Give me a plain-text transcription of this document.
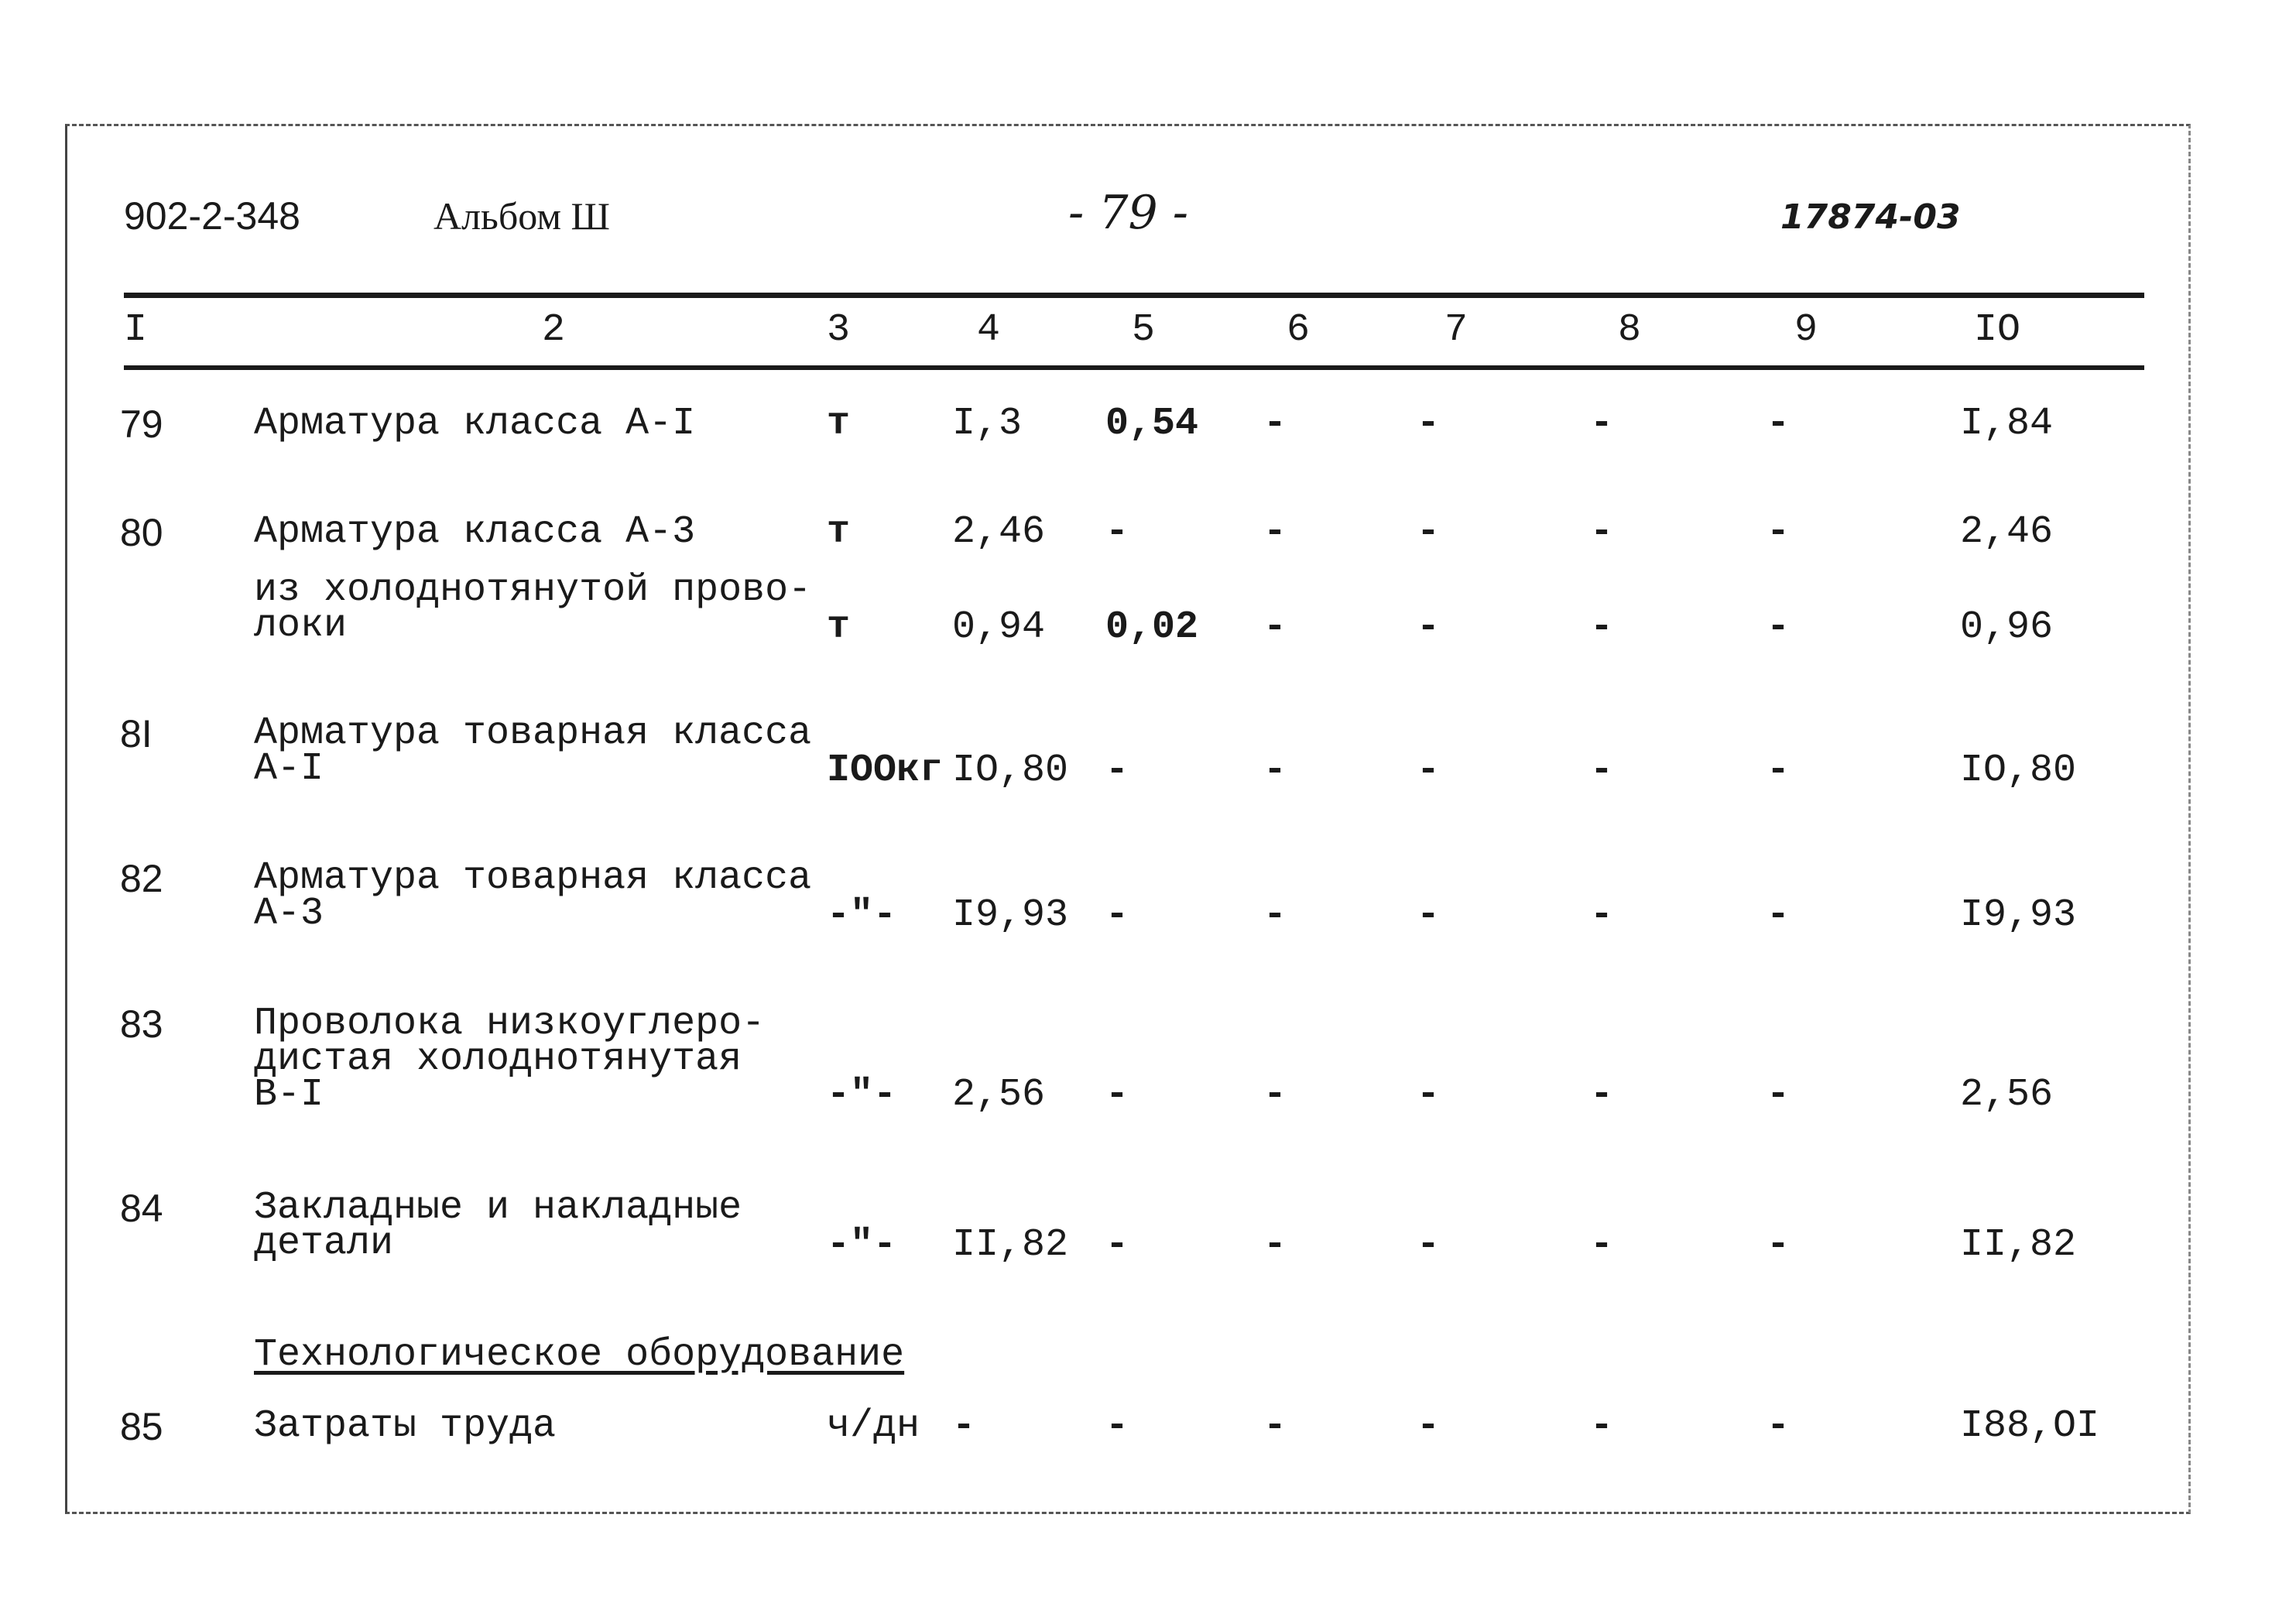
902-2-348	Альбом Ш	- 79 -	17874-03
I	2	3	4	5	6	7	8	9	IO
79 Арматура класса А-I	т	I,3 0,54 -	-	-	-	I,84
80 Арматура класса А-3	т	2,46 -	-	-	-	-	2,46
из холоднотянутой прово-
локи	т	0,94 0,02 -	-	-	-	0,96
8I	Арматура товарная класса
А-I	IOOкг IO,80 -	-	-	-	-	IO,80
82 Арматура товарная класса
А-3	-"- I9,93 -	-	-	-	-	I9,93
83 Проволока низкоуглеро-
дистая холоднотянутая
В-I	-"- 2,56 -	-	-	-	-	2,56
84 Закладные и накладные
детали	-"- II,82 -	-	-	-	-	II,82
Технологическое оборудование
85 Затраты труда	ч/дн -	-	-	-	-	-	I88,OI
